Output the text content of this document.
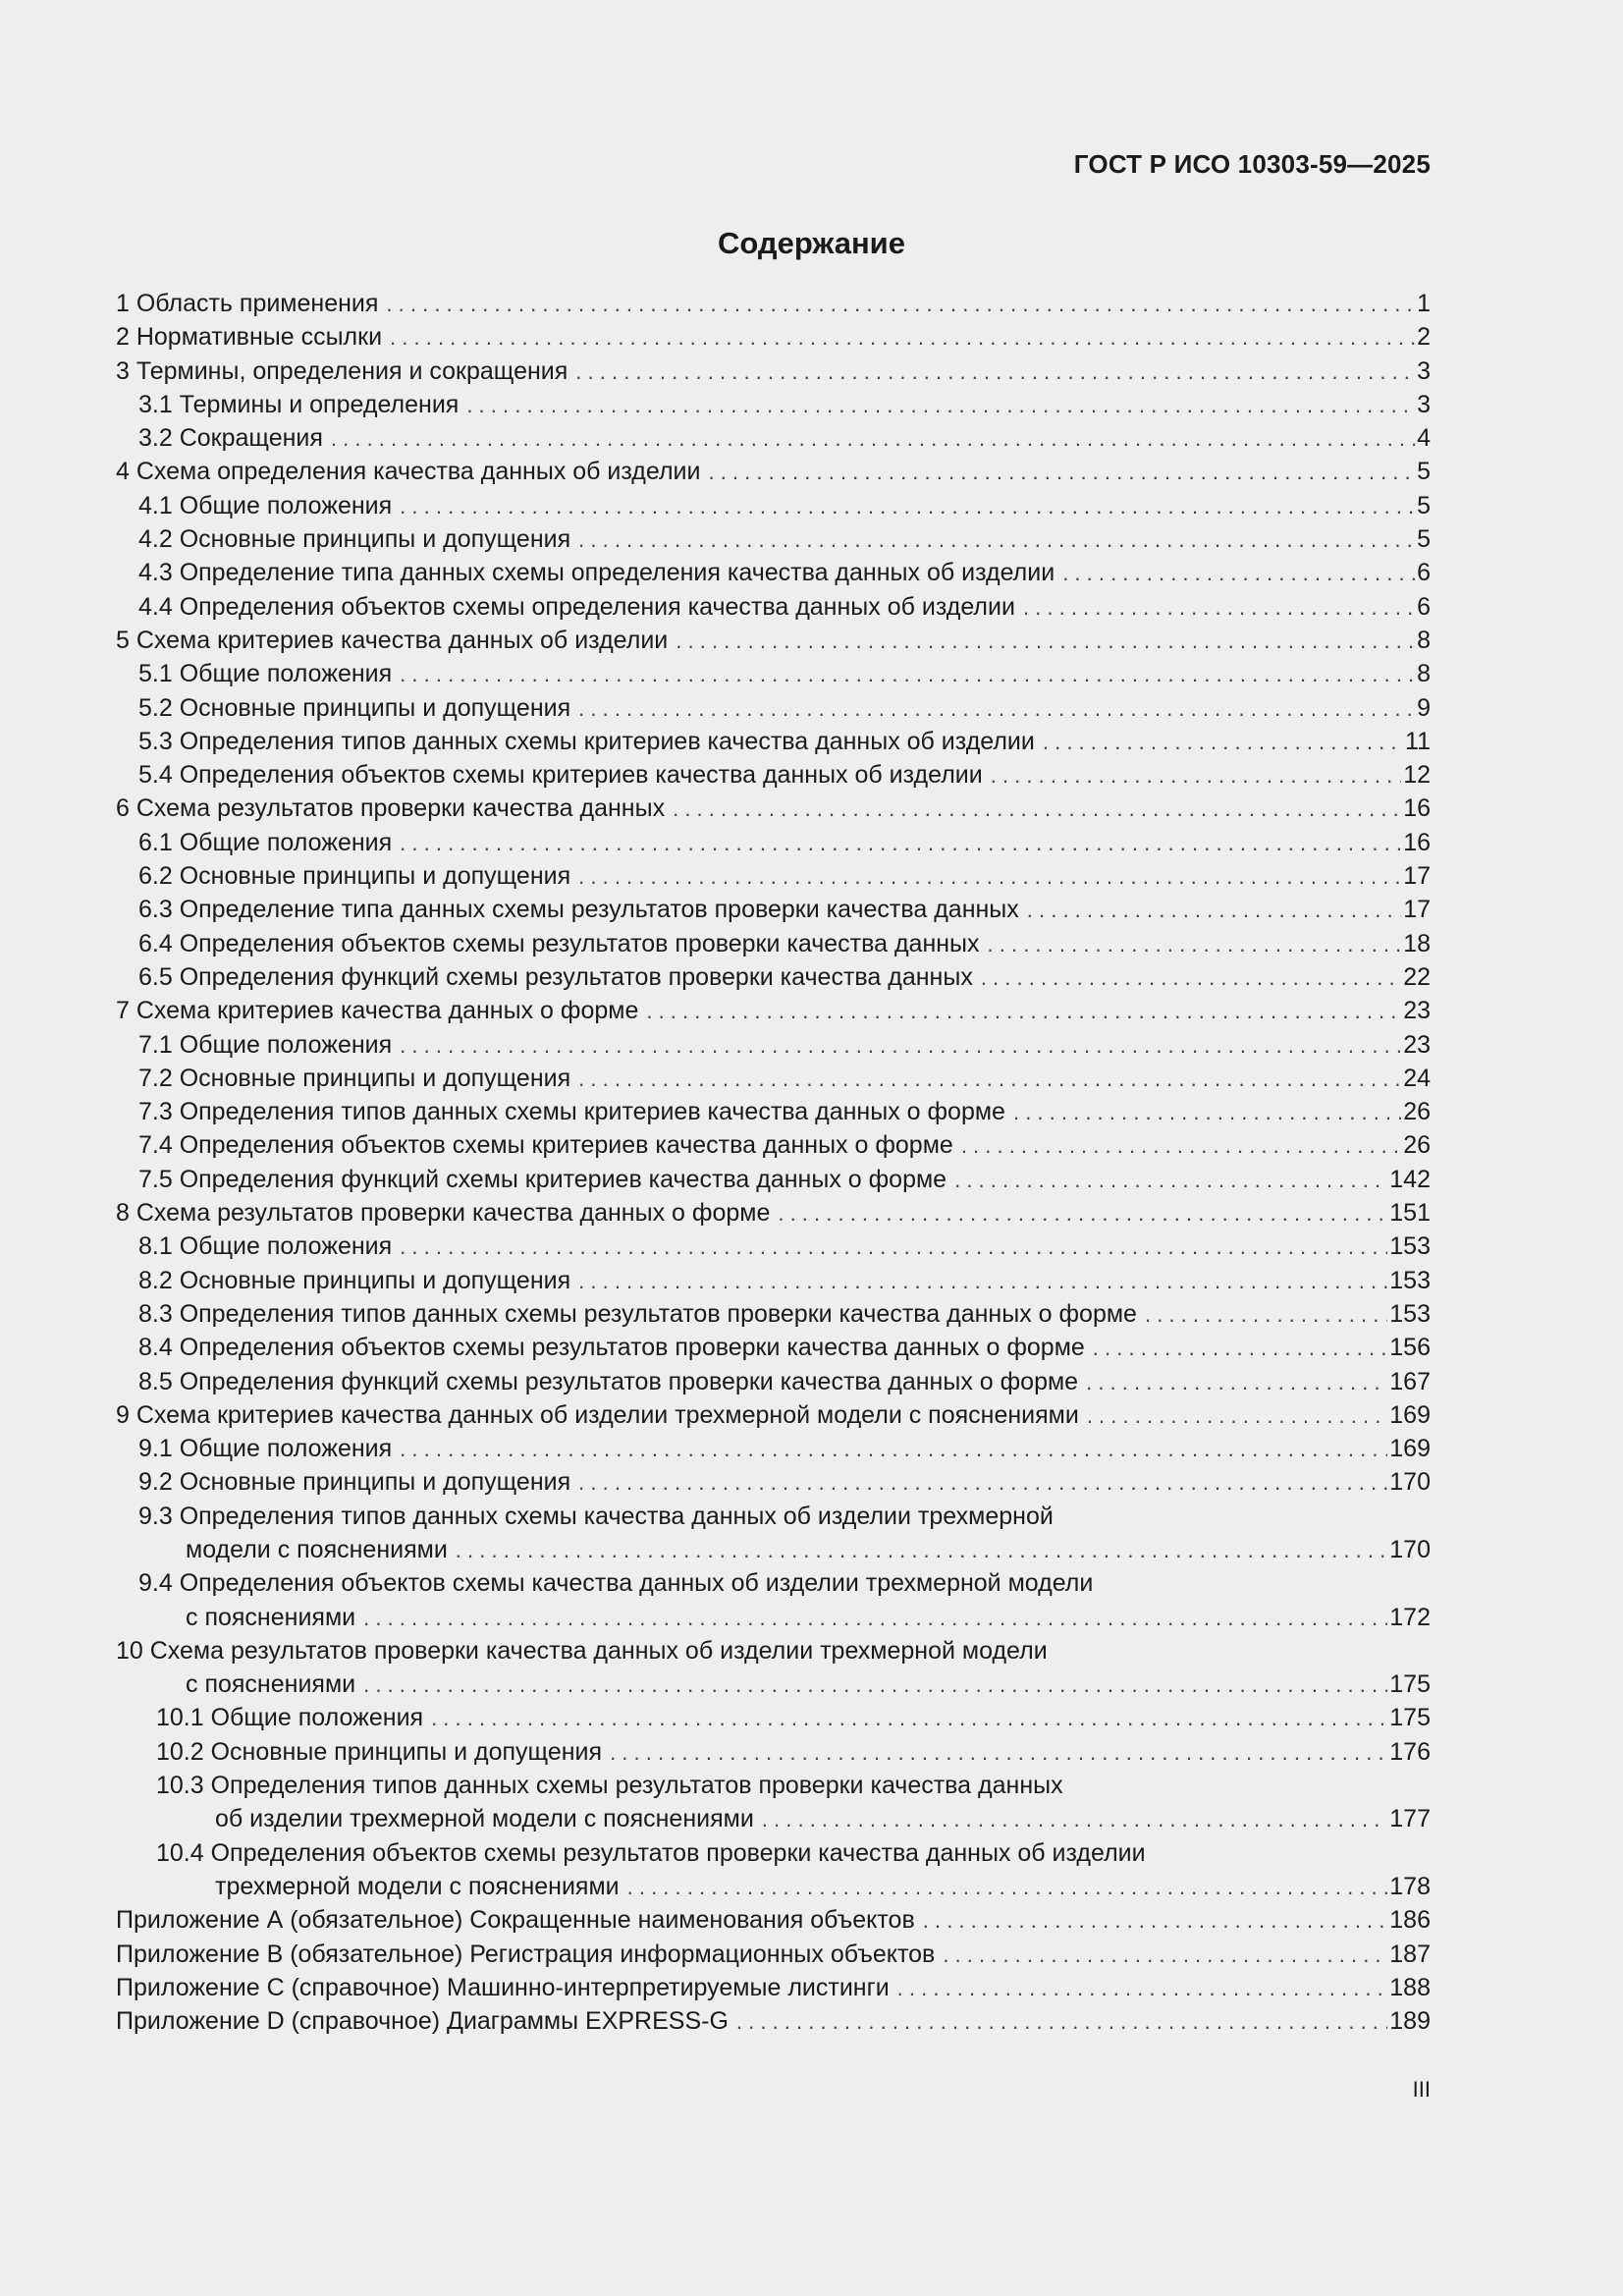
ГОСТ Р ИСО 10303-59—2025
Содержание
1 Область применения . . .	1
2 Нормативные ссылки . . .	2
3 Термины, определения и сокращения . . .	3
3.1 Термины и определения . . .	3
3.2 Сокращения . . .	4
4 Схема определения качества данных об изделии . . .	5
4.1 Общие положения . . .	5
4.2 Основные принципы и допущения . . .	5
4.3 Определение типа данных схемы определения качества данных об изделии . . .	6
4.4 Определения объектов схемы определения качества данных об изделии . . .	6
5 Схема критериев качества данных об изделии . . .	8
5.1 Общие положения . . .	8
5.2 Основные принципы и допущения . . .	9
5.3 Определения типов данных схемы критериев качества данных об изделии . . .	11
5.4 Определения объектов схемы критериев качества данных об изделии . . .	12
6 Схема результатов проверки качества данных . . .	16
6.1 Общие положения . . .	16
6.2 Основные принципы и допущения . . .	17
6.3 Определение типа данных схемы результатов проверки качества данных . . .	17
6.4 Определения объектов схемы результатов проверки качества данных . . .	18
6.5 Определения функций схемы результатов проверки качества данных . . .	22
7 Схема критериев качества данных о форме . . .	23
7.1 Общие положения . . .	23
7.2 Основные принципы и допущения . . .	24
7.3 Определения типов данных схемы критериев качества данных о форме . . .	26
7.4 Определения объектов схемы критериев качества данных о форме . . .	26
7.5 Определения функций схемы критериев качества данных о форме . . .	142
8 Схема результатов проверки качества данных о форме . . .	151
8.1 Общие положения . . .	153
8.2 Основные принципы и допущения . . .	153
8.3 Определения типов данных схемы результатов проверки качества данных о форме . . .	153
8.4 Определения объектов схемы результатов проверки качества данных о форме . . .	156
8.5 Определения функций схемы результатов проверки качества данных о форме . . .	167
9 Схема критериев качества данных об изделии трехмерной модели с пояснениями . . .	169
9.1 Общие положения . . .	169
9.2 Основные принципы и допущения . . .	170
9.3 Определения типов данных схемы качества данных об изделии трехмерной
модели с пояснениями . . .	170
9.4 Определения объектов схемы качества данных об изделии трехмерной модели
с пояснениями . . .	172
10 Схема результатов проверки качества данных об изделии трехмерной модели
с пояснениями . . .	175
10.1 Общие положения . . .	175
10.2 Основные принципы и допущения . . .	176
10.3 Определения типов данных схемы результатов проверки качества данных
об изделии трехмерной модели с пояснениями . . .	177
10.4 Определения объектов схемы результатов проверки качества данных об изделии
трехмерной модели с пояснениями . . .	178
Приложение А (обязательное) Сокращенные наименования объектов . . .	186
Приложение В (обязательное) Регистрация информационных объектов . . .	187
Приложение С (справочное) Машинно-интерпретируемые листинги . . .	188
Приложение D (справочное) Диаграммы EXPRESS-G . . .	189
III
